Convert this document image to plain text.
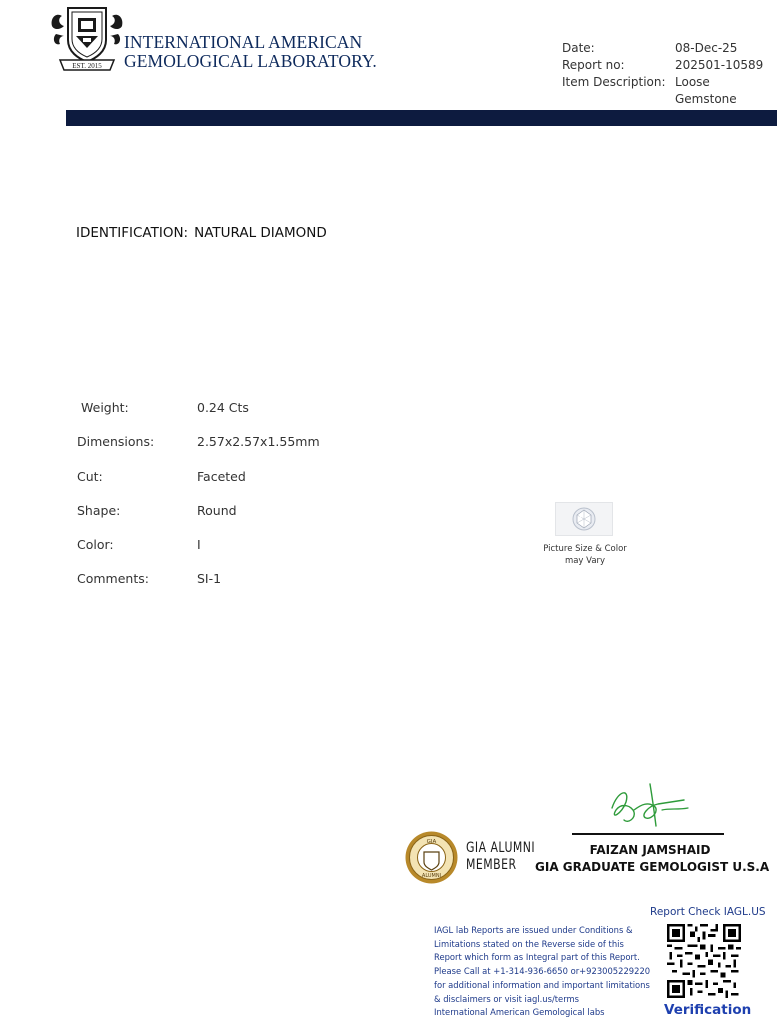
EST. 2015
INTERNATIONAL AMERICAN
GEMOLOGICAL LABORATORY.
Date:	08-Dec-25
Report no:	202501-10589
Item Description: Loose Gemstone
IDENTIFICATION: NATURAL DIAMOND
Weight:	0.24 Cts
Dimensions:	2.57x2.57x1.55mm
Cut:	Faceted
Shape:	Round
Color:	I
Comments:	SI-1
Picture Size & Color
may Vary
FAIZAN JAMSHAID
GIA GRADUATE GEMOLOGIST U.S.A
GIA
ALUMNI
GIA ALUMNI
MEMBER
IAGL lab Reports are issued under Conditions &
Limitations stated on the Reverse side of this
Report which form as Integral part of this Report.
Please Call at +1-314-936-6650 or+923005229220
for additional information and important limitations
& disclaimers or visit iagl.us/terms
International American Gemological labs
Report Check IAGL.US
Verification
